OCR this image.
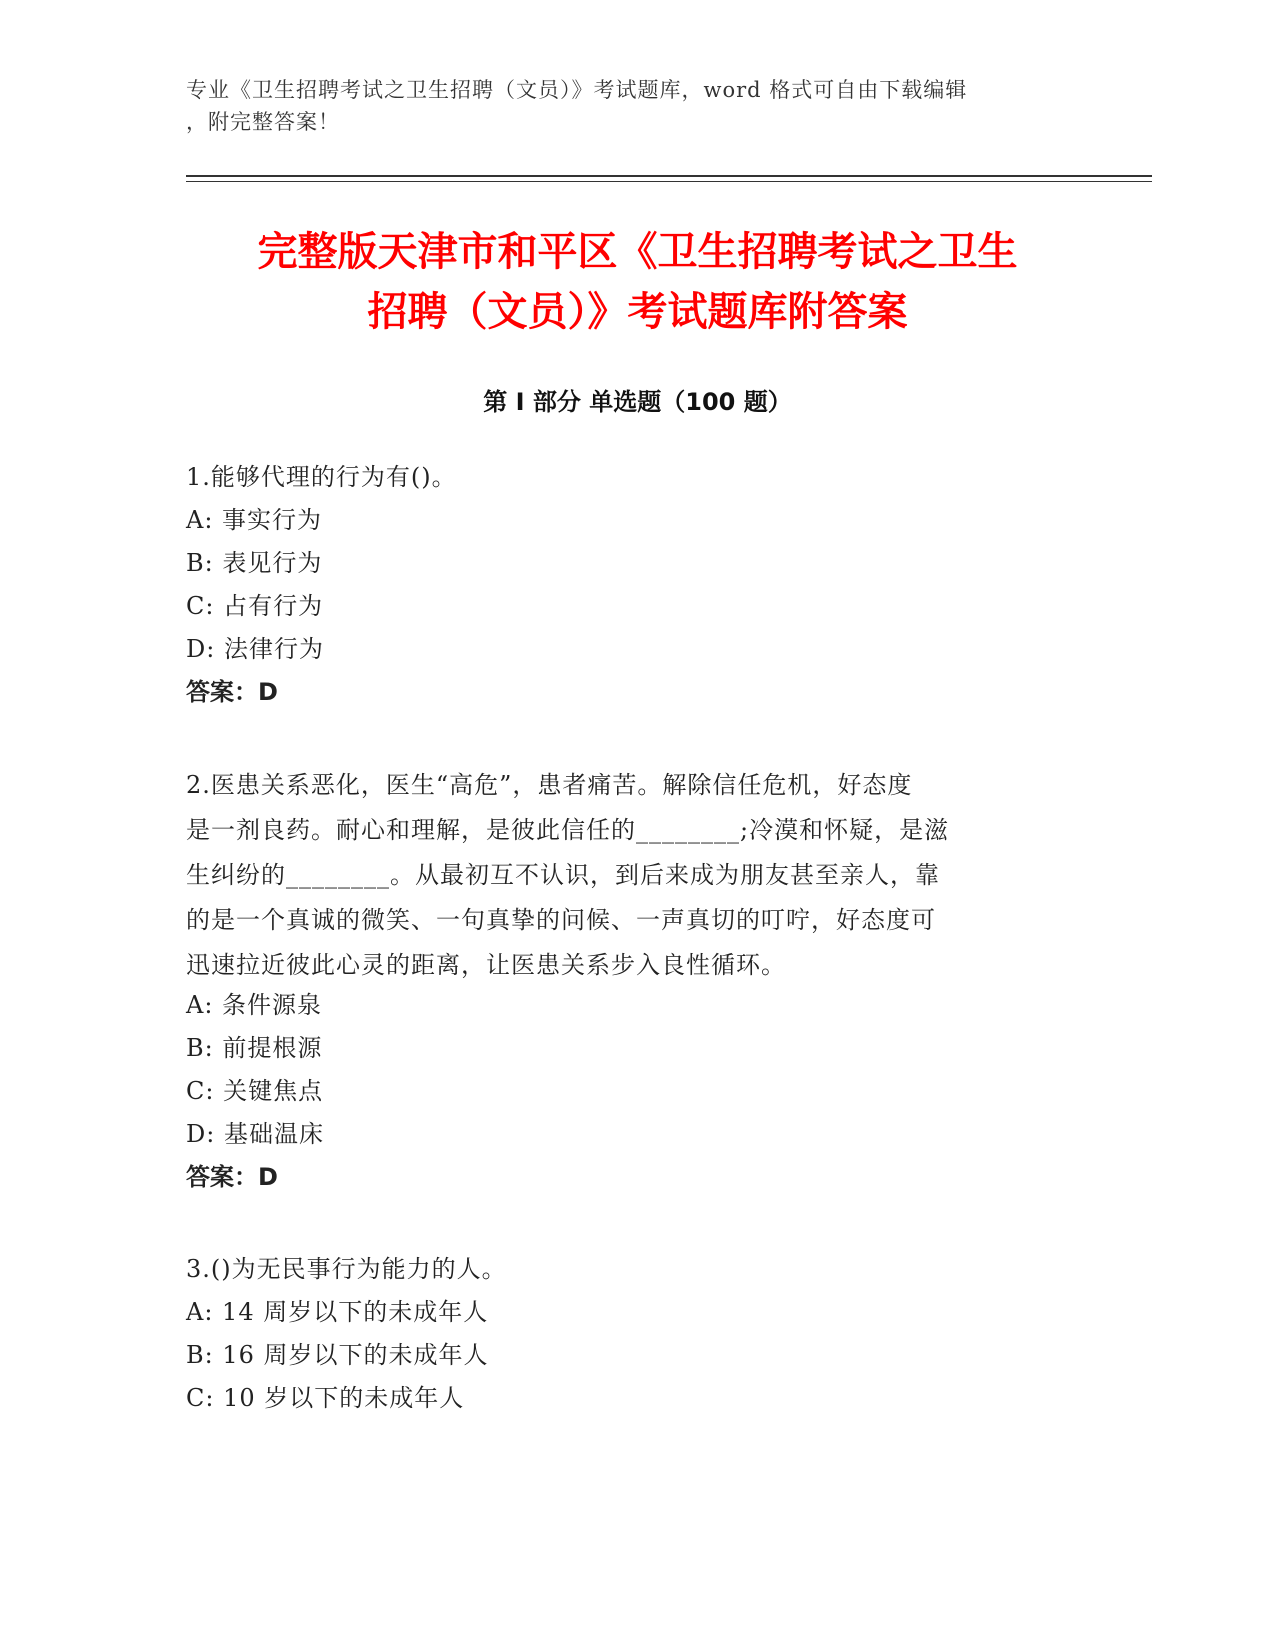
专业《卫生招聘考试之卫生招聘（文员）》考试题库，word 格式可自由下载编辑
，附完整答案！
完整版天津市和平区《卫生招聘考试之卫生
招聘（文员）》考试题库附答案
第 I 部分 单选题（100 题）
1.能够代理的行为有()。
A: 事实行为
B: 表见行为
C: 占有行为
D: 法律行为
答案：D
2.医患关系恶化，医生“高危”，患者痛苦。解除信任危机，好态度
是一剂良药。耐心和理解，是彼此信任的________;冷漠和怀疑，是滋
生纠纷的________。从最初互不认识，到后来成为朋友甚至亲人，靠
的是一个真诚的微笑、一句真挚的问候、一声真切的叮咛，好态度可
迅速拉近彼此心灵的距离，让医患关系步入良性循环。
A: 条件源泉
B: 前提根源
C: 关键焦点
D: 基础温床
答案：D
3.()为无民事行为能力的人。
A: 14 周岁以下的未成年人
B: 16 周岁以下的未成年人
C: 10 岁以下的未成年人
